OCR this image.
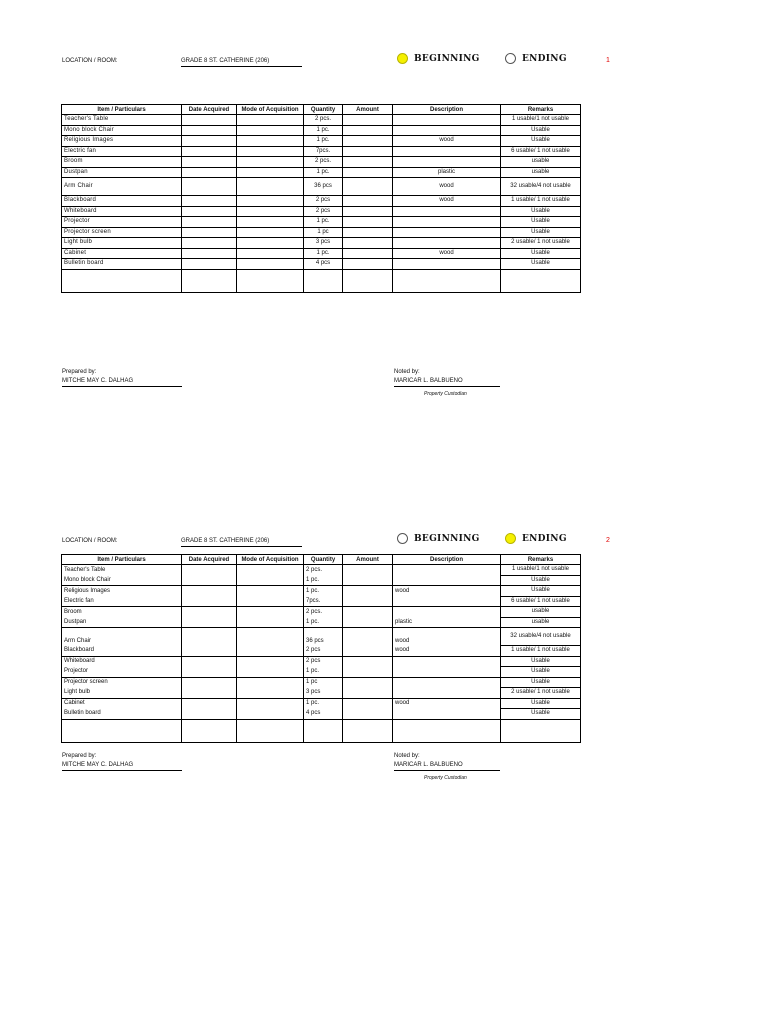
LOCATION / ROOM:	GRADE 8 ST. CATHERINE (206)	BEGINNING	ENDING	1
Item / Particulars	Date Acquired	Mode of Acquisition	Quantity	Amount	Description	Remarks
Teacher's Table			2 pcs.			1 usable/1 not usable
Mono block Chair			1 pc.			Usable
Religious Images			1 pc.		wood	Usable
Electric fan			7pcs.			6 usable/ 1 not usable
Broom			2 pcs.			usable
Dustpan			1 pc.		plastic	usable
Arm Chair			36 pcs		wood	32 usable/4 not usable
Blackboard			2 pcs		wood	1 usable/ 1 not usable
Whiteboard			2 pcs			Usable
Projector			1 pc.			Usable
Projector screen			1 pc			Usable
Light bulb			3 pcs			2 usable/ 1 not usable
Cabinet			1 pc.		wood	Usable
Bulletin board			4 pcs			Usable

Prepared by:
MITCHE MAY C. DALHAG
Noted by:
MARICAR L. BALBUENO
Property Custodian
LOCATION / ROOM:	GRADE 8 ST. CATHERINE (206)	BEGINNING	ENDING	2
Item / Particulars	Date Acquired	Mode of Acquisition	Quantity	Amount	Description	Remarks
Teacher's Table			2 pcs.			1 usable/1 not usable
Mono block Chair			1 pc.			Usable
Religious Images			1 pc.		wood	Usable
Electric fan			7pcs.			6 usable/ 1 not usable
Broom			2 pcs.			usable
Dustpan			1 pc.		plastic	usable
Arm Chair			36 pcs		wood	32 usable/4 not usable
Blackboard			2 pcs		wood	1 usable/ 1 not usable
Whiteboard			2 pcs			Usable
Projector			1 pc.			Usable
Projector screen			1 pc			Usable
Light bulb			3 pcs			2 usable/ 1 not usable
Cabinet			1 pc.		wood	Usable
Bulletin board			4 pcs			Usable

Prepared by:
MITCHE MAY C. DALHAG
Noted by:
MARICAR L. BALBUENO
Property Custodian
